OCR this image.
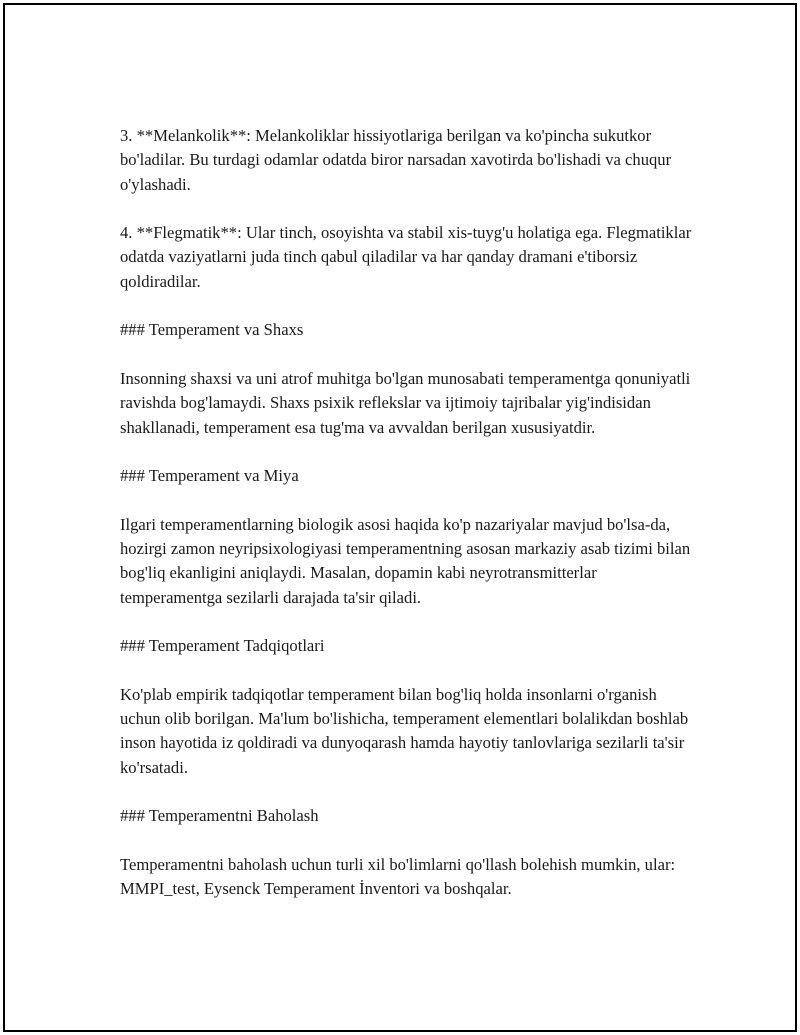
3. **Melankolik**: Melankoliklar hissiyotlariga berilgan va ko'pincha sukutkor bo'ladilar. Bu turdagi odamlar odatda biror narsadan xavotirda bo'lishadi va chuqur o'ylashadi.

4. **Flegmatik**: Ular tinch, osoyishta va stabil xis-tuyg'u holatiga ega. Flegmatiklar odatda vaziyatlarni juda tinch qabul qiladilar va har qanday dramani e'tiborsiz qoldiradilar.

### Temperament va Shaxs

Insonning shaxsi va uni atrof muhitga bo'lgan munosabati temperamentga qonuniyatli ravishda bog'lamaydi. Shaxs psixik reflekslar va ijtimoiy tajribalar yig'indisidan shakllanadi, temperament esa tug'ma va avvaldan berilgan xususiyatdir.

### Temperament va Miya

Ilgari temperamentlarning biologik asosi haqida ko'p nazariyalar mavjud bo'lsa-da, hozirgi zamon neyripsixologiyasi temperamentning asosan markaziy asab tizimi bilan bog'liq ekanligini aniqlaydi. Masalan, dopamin kabi neyrotransmitterlar temperamentga sezilarli darajada ta'sir qiladi.

### Temperament Tadqiqotlari

Ko'plab empirik tadqiqotlar temperament bilan bog'liq holda insonlarni o'rganish uchun olib borilgan. Ma'lum bo'lishicha, temperament elementlari bolalikdan boshlab inson hayotida iz qoldiradi va dunyoqarash hamda hayotiy tanlovlariga sezilarli ta'sir ko'rsatadi.

### Temperamentni Baholash

Temperamentni baholash uchun turli xil bo'limlarni qo'llash bolehish mumkin, ular: MMPI_test, Eysenck Temperament İnventori va boshqalar.
